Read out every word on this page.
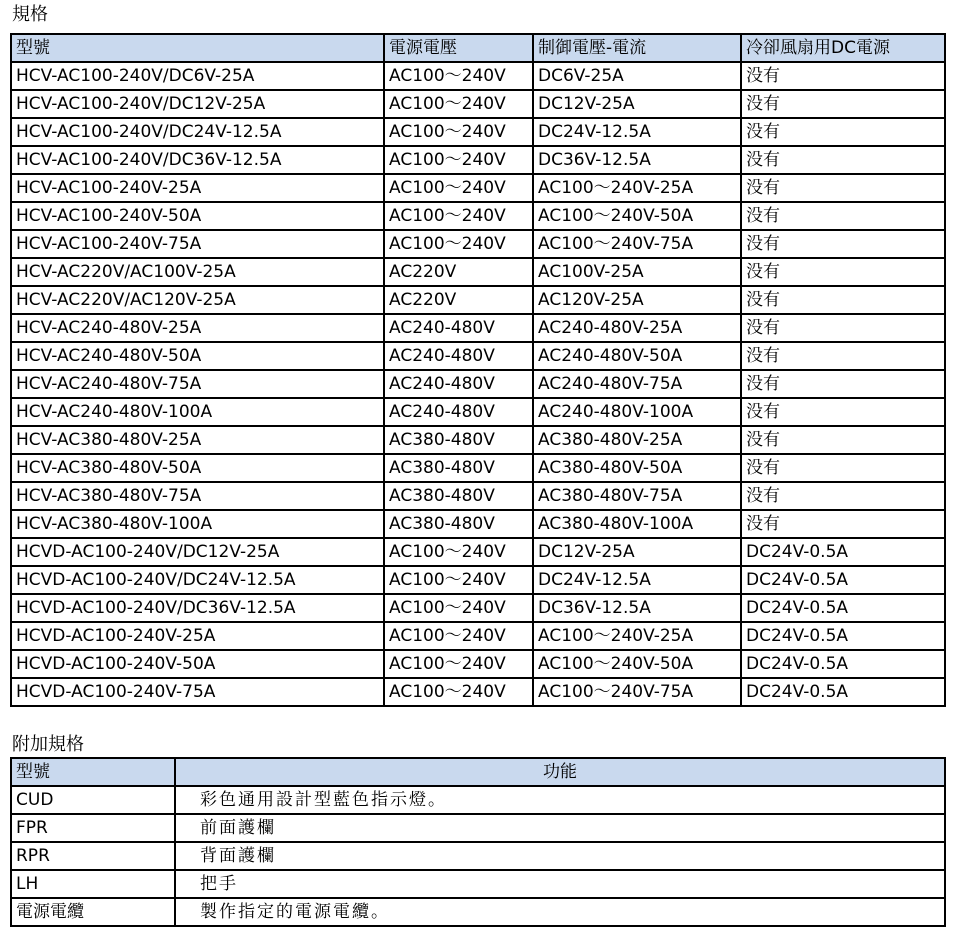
規格
型號	電源電壓	制御電壓-電流	冷卻風扇用DC電源
HCV-AC100-240V/DC6V-25A	AC100～240V	DC6V-25A	没有
HCV-AC100-240V/DC12V-25A	AC100～240V	DC12V-25A	没有
HCV-AC100-240V/DC24V-12.5A	AC100～240V	DC24V-12.5A	没有
HCV-AC100-240V/DC36V-12.5A	AC100～240V	DC36V-12.5A	没有
HCV-AC100-240V-25A	AC100～240V	AC100～240V-25A	没有
HCV-AC100-240V-50A	AC100～240V	AC100～240V-50A	没有
HCV-AC100-240V-75A	AC100～240V	AC100～240V-75A	没有
HCV-AC220V/AC100V-25A	AC220V	AC100V-25A	没有
HCV-AC220V/AC120V-25A	AC220V	AC120V-25A	没有
HCV-AC240-480V-25A	AC240-480V	AC240-480V-25A	没有
HCV-AC240-480V-50A	AC240-480V	AC240-480V-50A	没有
HCV-AC240-480V-75A	AC240-480V	AC240-480V-75A	没有
HCV-AC240-480V-100A	AC240-480V	AC240-480V-100A	没有
HCV-AC380-480V-25A	AC380-480V	AC380-480V-25A	没有
HCV-AC380-480V-50A	AC380-480V	AC380-480V-50A	没有
HCV-AC380-480V-75A	AC380-480V	AC380-480V-75A	没有
HCV-AC380-480V-100A	AC380-480V	AC380-480V-100A	没有
HCVD-AC100-240V/DC12V-25A	AC100～240V	DC12V-25A	DC24V-0.5A
HCVD-AC100-240V/DC24V-12.5A	AC100～240V	DC24V-12.5A	DC24V-0.5A
HCVD-AC100-240V/DC36V-12.5A	AC100～240V	DC36V-12.5A	DC24V-0.5A
HCVD-AC100-240V-25A	AC100～240V	AC100～240V-25A	DC24V-0.5A
HCVD-AC100-240V-50A	AC100～240V	AC100～240V-50A	DC24V-0.5A
HCVD-AC100-240V-75A	AC100～240V	AC100～240V-75A	DC24V-0.5A
附加規格
型號	功能
CUD	彩色通用設計型藍色指示燈。
FPR	前面護欄
RPR	背面護欄
LH	把手
電源電纜	製作指定的電源電纜。
